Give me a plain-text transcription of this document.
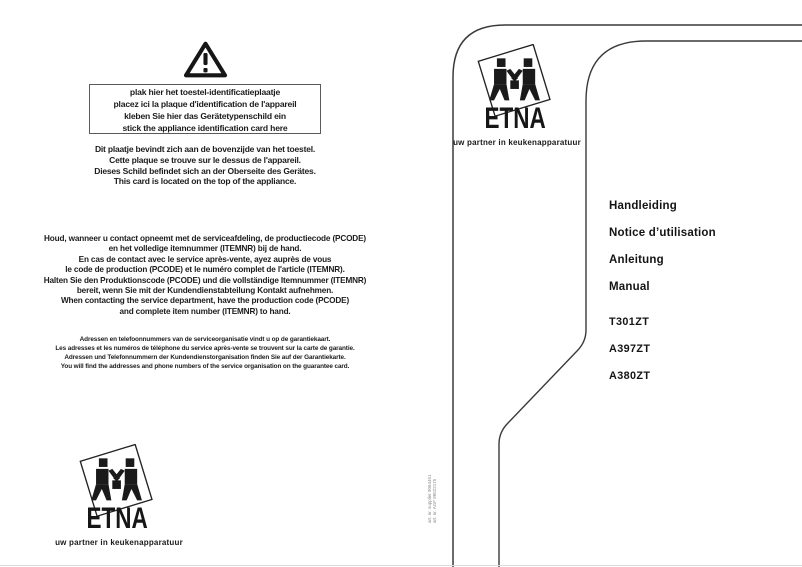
plak hier het toestel-identificatieplaatje
placez ici la plaque d'identification de l'appareil
kleben Sie hier das Gerätetypenschild ein
stick the appliance identification card here
Dit plaatje bevindt zich aan de bovenzijde van het toestel.
Cette plaque se trouve sur le dessus de l'appareil.
Dieses Schild befindet sich an der Oberseite des Gerätes.
This card is located on the top of the appliance.
Houd, wanneer u contact opneemt met de serviceafdeling, de productiecode (PCODE)
en het volledige itemnummer (ITEMNR) bij de hand.
En cas de contact avec le service après-vente, ayez auprès de vous
le code de production (PCODE) et le numéro complet de l'article (ITEMNR).
Halten Sie den Produktionscode (PCODE) und die vollständige Itemnummer (ITEMNR)
bereit, wenn Sie mit der Kundendienstabteilung Kontakt aufnehmen.
When contacting the service department, have the production code (PCODE)
and complete item number (ITEMNR) to hand.
Adressen en telefoonnummers van de serviceorganisatie vindt u op de garantiekaart.
Les adresses et les numéros de téléphone du service après-vente se trouvent sur la carte de garantie.
Adressen und Telefonnummern der Kundendienstorganisation finden Sie auf der Garantiekarte.
You will find the addresses and phone numbers of the service organisation on the guarantee card.
ETNA
uw partner in keukenapparatuur
ETNA
uw partner in keukenapparatuur
Handleiding
Notice d’utilisation
Anleitung
Manual
T301ZT
A397ZT
A380ZT
art. nr. supplier 9064451 art. nr. AGF 88522175
